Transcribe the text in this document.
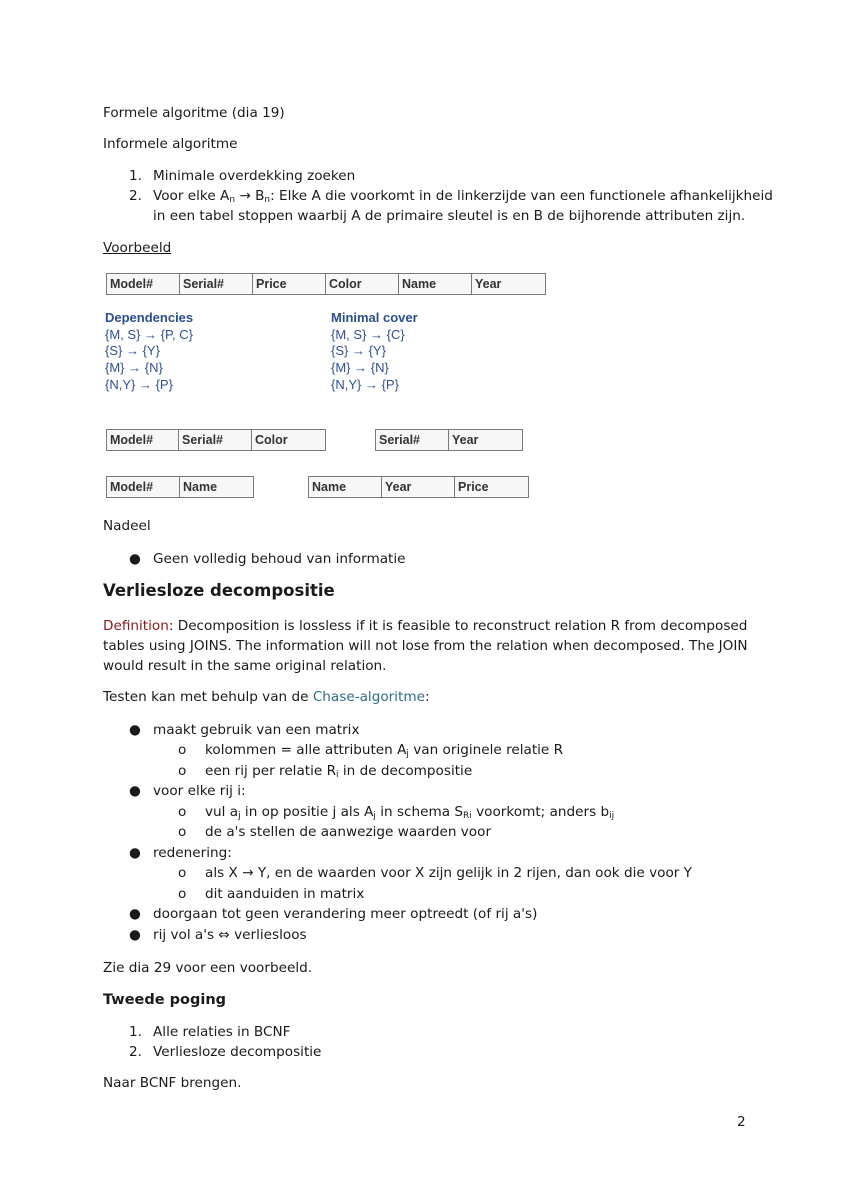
Formele algoritme (dia 19)
Informele algoritme
1. Minimale overdekking zoeken
2. Voor elke $A_n \to B_n$: Elke A die voorkomt in de linkerzijde van een functionele afhankelijkheid
in een tabel stoppen waarbij A de primaire sleutel is en B de bijhorende attributen zijn.
Voorbeeld
Model#	Serial#	Price	Color	Name	Year
Dependencies
{M, S} → {P, C}
{S} → {Y}
{M} → {N}
{N,Y} → {P}
Minimal cover
{M, S} → {C}
{S} → {Y}
{M} → {N}
{N,Y} → {P}
Model#	Serial#	Color	Serial#	Year
Model#	Name	Name	Year	Price
Nadeel
● Geen volledig behoud van informatie
Verliesloze decompositie
Definition: Decomposition is lossless if it is feasible to reconstruct relation R from decomposed
tables using JOINS. The information will not lose from the relation when decomposed. The JOIN
would result in the same original relation.
Testen kan met behulp van de Chase-algoritme:
● maakt gebruik van een matrix
o kolommen = alle attributen $A_j$ van originele relatie R
o een rij per relatie $R_i$ in de decompositie
● voor elke rij i:
o vul $a_j$ in op positie j als $A_j$ in schema $S_{Ri}$ voorkomt; anders $b_{ij}$
o de a's stellen de aanwezige waarden voor
● redenering:
o als X → Y, en de waarden voor X zijn gelijk in 2 rijen, dan ook die voor Y
o dit aanduiden in matrix
● doorgaan tot geen verandering meer optreedt (of rij a's)
● rij vol a's ⇔ verliesloos
Zie dia 29 voor een voorbeeld.
Tweede poging
1. Alle relaties in BCNF
2. Verliesloze decompositie
Naar BCNF brengen.
2
